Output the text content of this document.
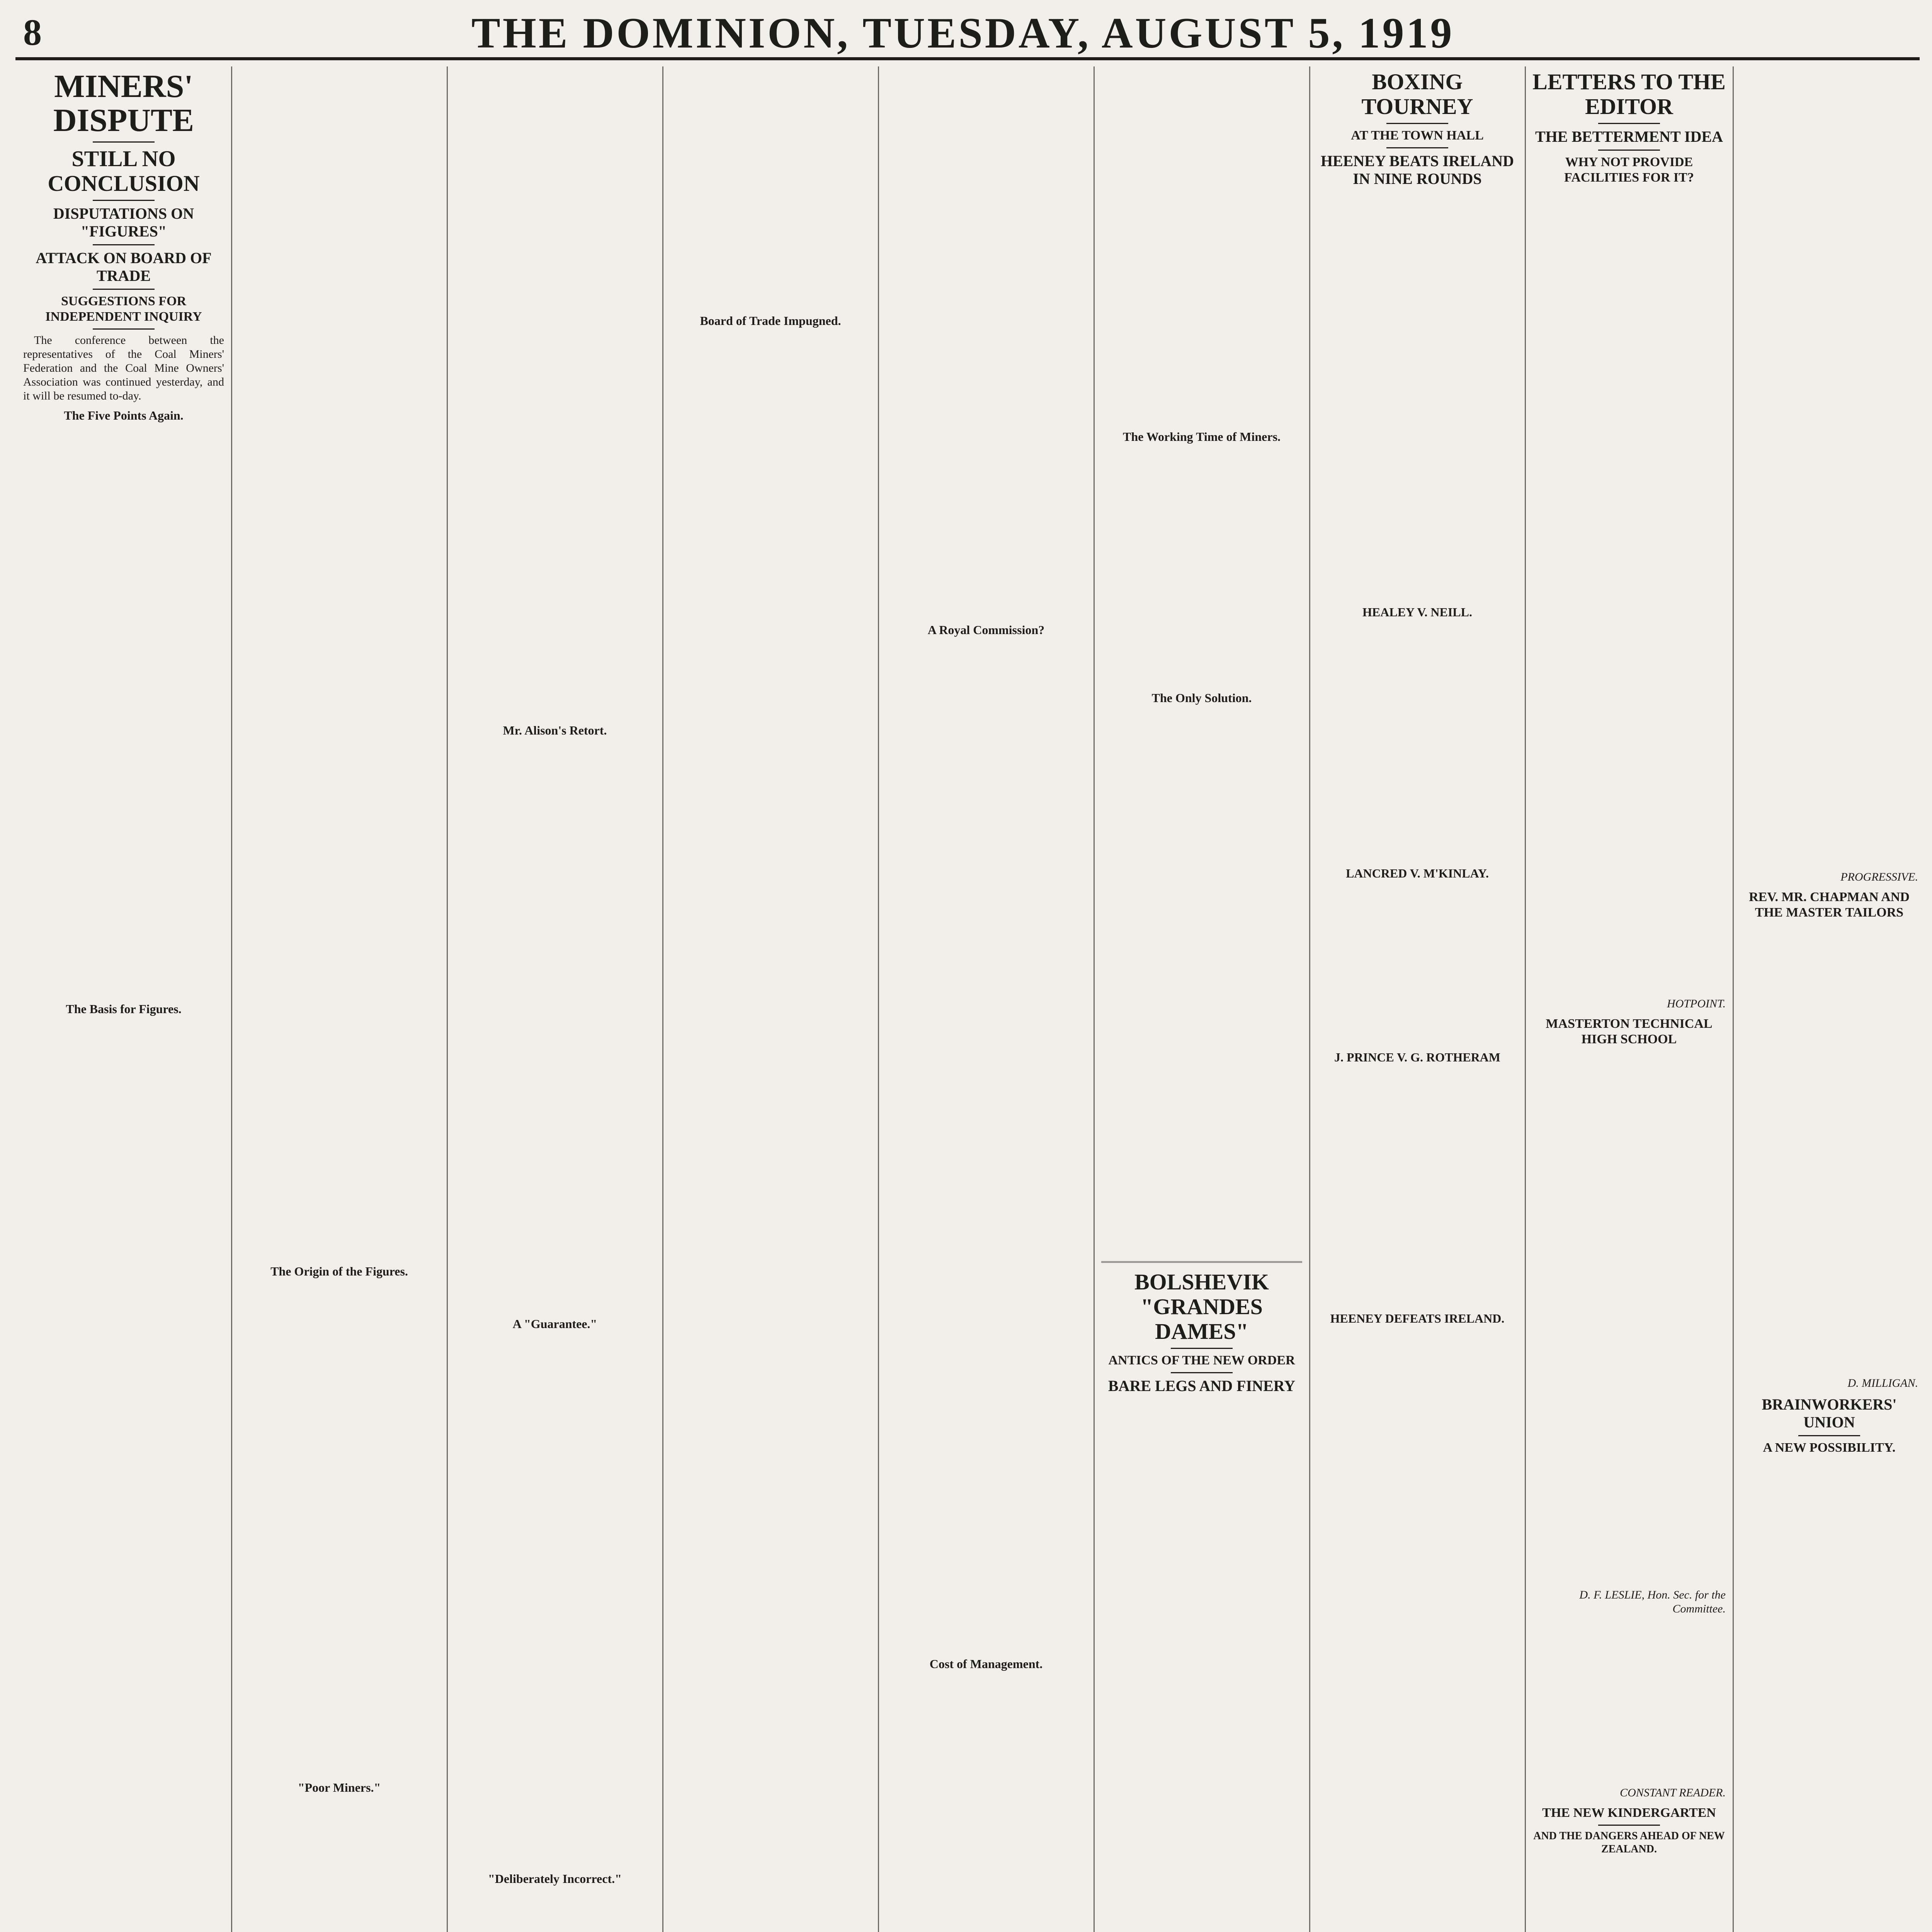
8	THE DOMINION, TUESDAY, AUGUST 5, 1919
MINERS' DISPUTE
STILL NO CONCLUSION
DISPUTATIONS ON "FIGURES"
ATTACK ON BOARD OF TRADE
SUGGESTIONS FOR INDEPENDENT INQUIRY

The conference between the representatives of the Coal Miners' Federation and the Coal Mine Owners' Association was continued yesterday, and it will be resumed to-day.

The Five Points Again.
The Basis for Figures.
The Origin of the Figures.
"Poor Miners."
Mr. Alison's Retort.
A "Guarantee."
"Deliberately Incorrect."
Board of Trade Impugned.
A Royal Commission?
Cost of Management.
The Working Time of Miners.
The Only Solution.
BOLSHEVIK "GRANDES DAMES"
ANTICS OF THE NEW ORDER
BARE LEGS AND FINERY
BOXING TOURNEY
AT THE TOWN HALL
HEENEY BEATS IRELAND IN NINE ROUNDS
HEALEY V. NEILL.
LANCRED V. M'KINLAY.
J. PRINCE V. G. ROTHERAM
HEENEY DEFEATS IRELAND.
LETTERS TO THE EDITOR
THE BETTERMENT IDEA
WHY NOT PROVIDE FACILITIES FOR IT?
HOTPOINT.
MASTERTON TECHNICAL HIGH SCHOOL
D. F. LESLIE, Hon. Sec. for the Committee.
CONSTANT READER.
THE NEW KINDERGARTEN
AND THE DANGERS AHEAD OF NEW ZEALAND.
PROGRESSIVE.
REV. MR. CHAPMAN AND THE MASTER TAILORS
D. MILLIGAN.
BRAINWORKERS' UNION
A NEW POSSIBILITY.
